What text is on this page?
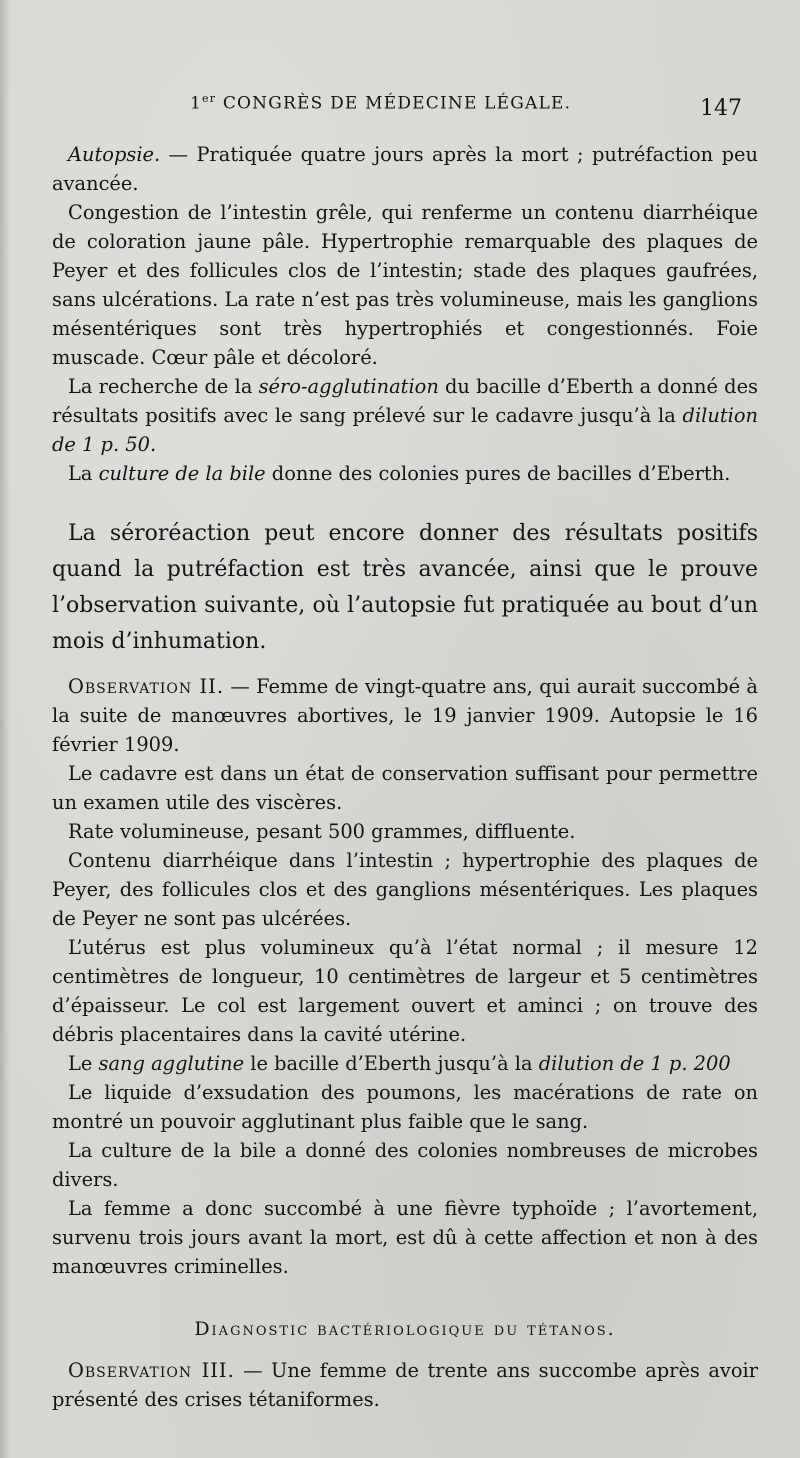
1er CONGRÈS DE MÉDECINE LÉGALE.	147

Autopsie. — Pratiquée quatre jours après la mort ; putréfaction peu avancée.

Congestion de l’intestin grêle, qui renferme un contenu diarrhéique de coloration jaune pâle. Hypertrophie remarquable des plaques de Peyer et des follicules clos de l’intestin; stade des plaques gaufrées, sans ulcérations. La rate n’est pas très volumineuse, mais les ganglions mésentériques sont très hypertrophiés et congestionnés. Foie muscade. Cœur pâle et décoloré.

La recherche de la séro-agglutination du bacille d’Eberth a donné des résultats positifs avec le sang prélevé sur le cadavre jusqu’à la dilution de 1 p. 50.

La culture de la bile donne des colonies pures de bacilles d’Eberth.

La séroréaction peut encore donner des résultats positifs quand la putréfaction est très avancée, ainsi que le prouve l’observation suivante, où l’autopsie fut pratiquée au bout d’un mois d’inhumation.

Observation II. — Femme de vingt-quatre ans, qui aurait succombé à la suite de manœuvres abortives, le 19 janvier 1909. Autopsie le 16 février 1909.

Le cadavre est dans un état de conservation suffisant pour permettre un examen utile des viscères.

Rate volumineuse, pesant 500 grammes, diffluente.

Contenu diarrhéique dans l’intestin ; hypertrophie des plaques de Peyer, des follicules clos et des ganglions mésentériques. Les plaques de Peyer ne sont pas ulcérées.

L’utérus est plus volumineux qu’à l’état normal ; il mesure 12 centimètres de longueur, 10 centimètres de largeur et 5 centimètres d’épaisseur. Le col est largement ouvert et aminci ; on trouve des débris placentaires dans la cavité utérine.

Le sang agglutine le bacille d’Eberth jusqu’à la dilution de 1 p. 200

Le liquide d’exsudation des poumons, les macérations de rate on montré un pouvoir agglutinant plus faible que le sang.

La culture de la bile a donné des colonies nombreuses de microbes divers.

La femme a donc succombé à une fièvre typhoïde ; l’avortement, survenu trois jours avant la mort, est dû à cette affection et non à des manœuvres criminelles.

Diagnostic bactériologique du tétanos.

Observation III. — Une femme de trente ans succombe après avoir présenté des crises tétaniformes.
